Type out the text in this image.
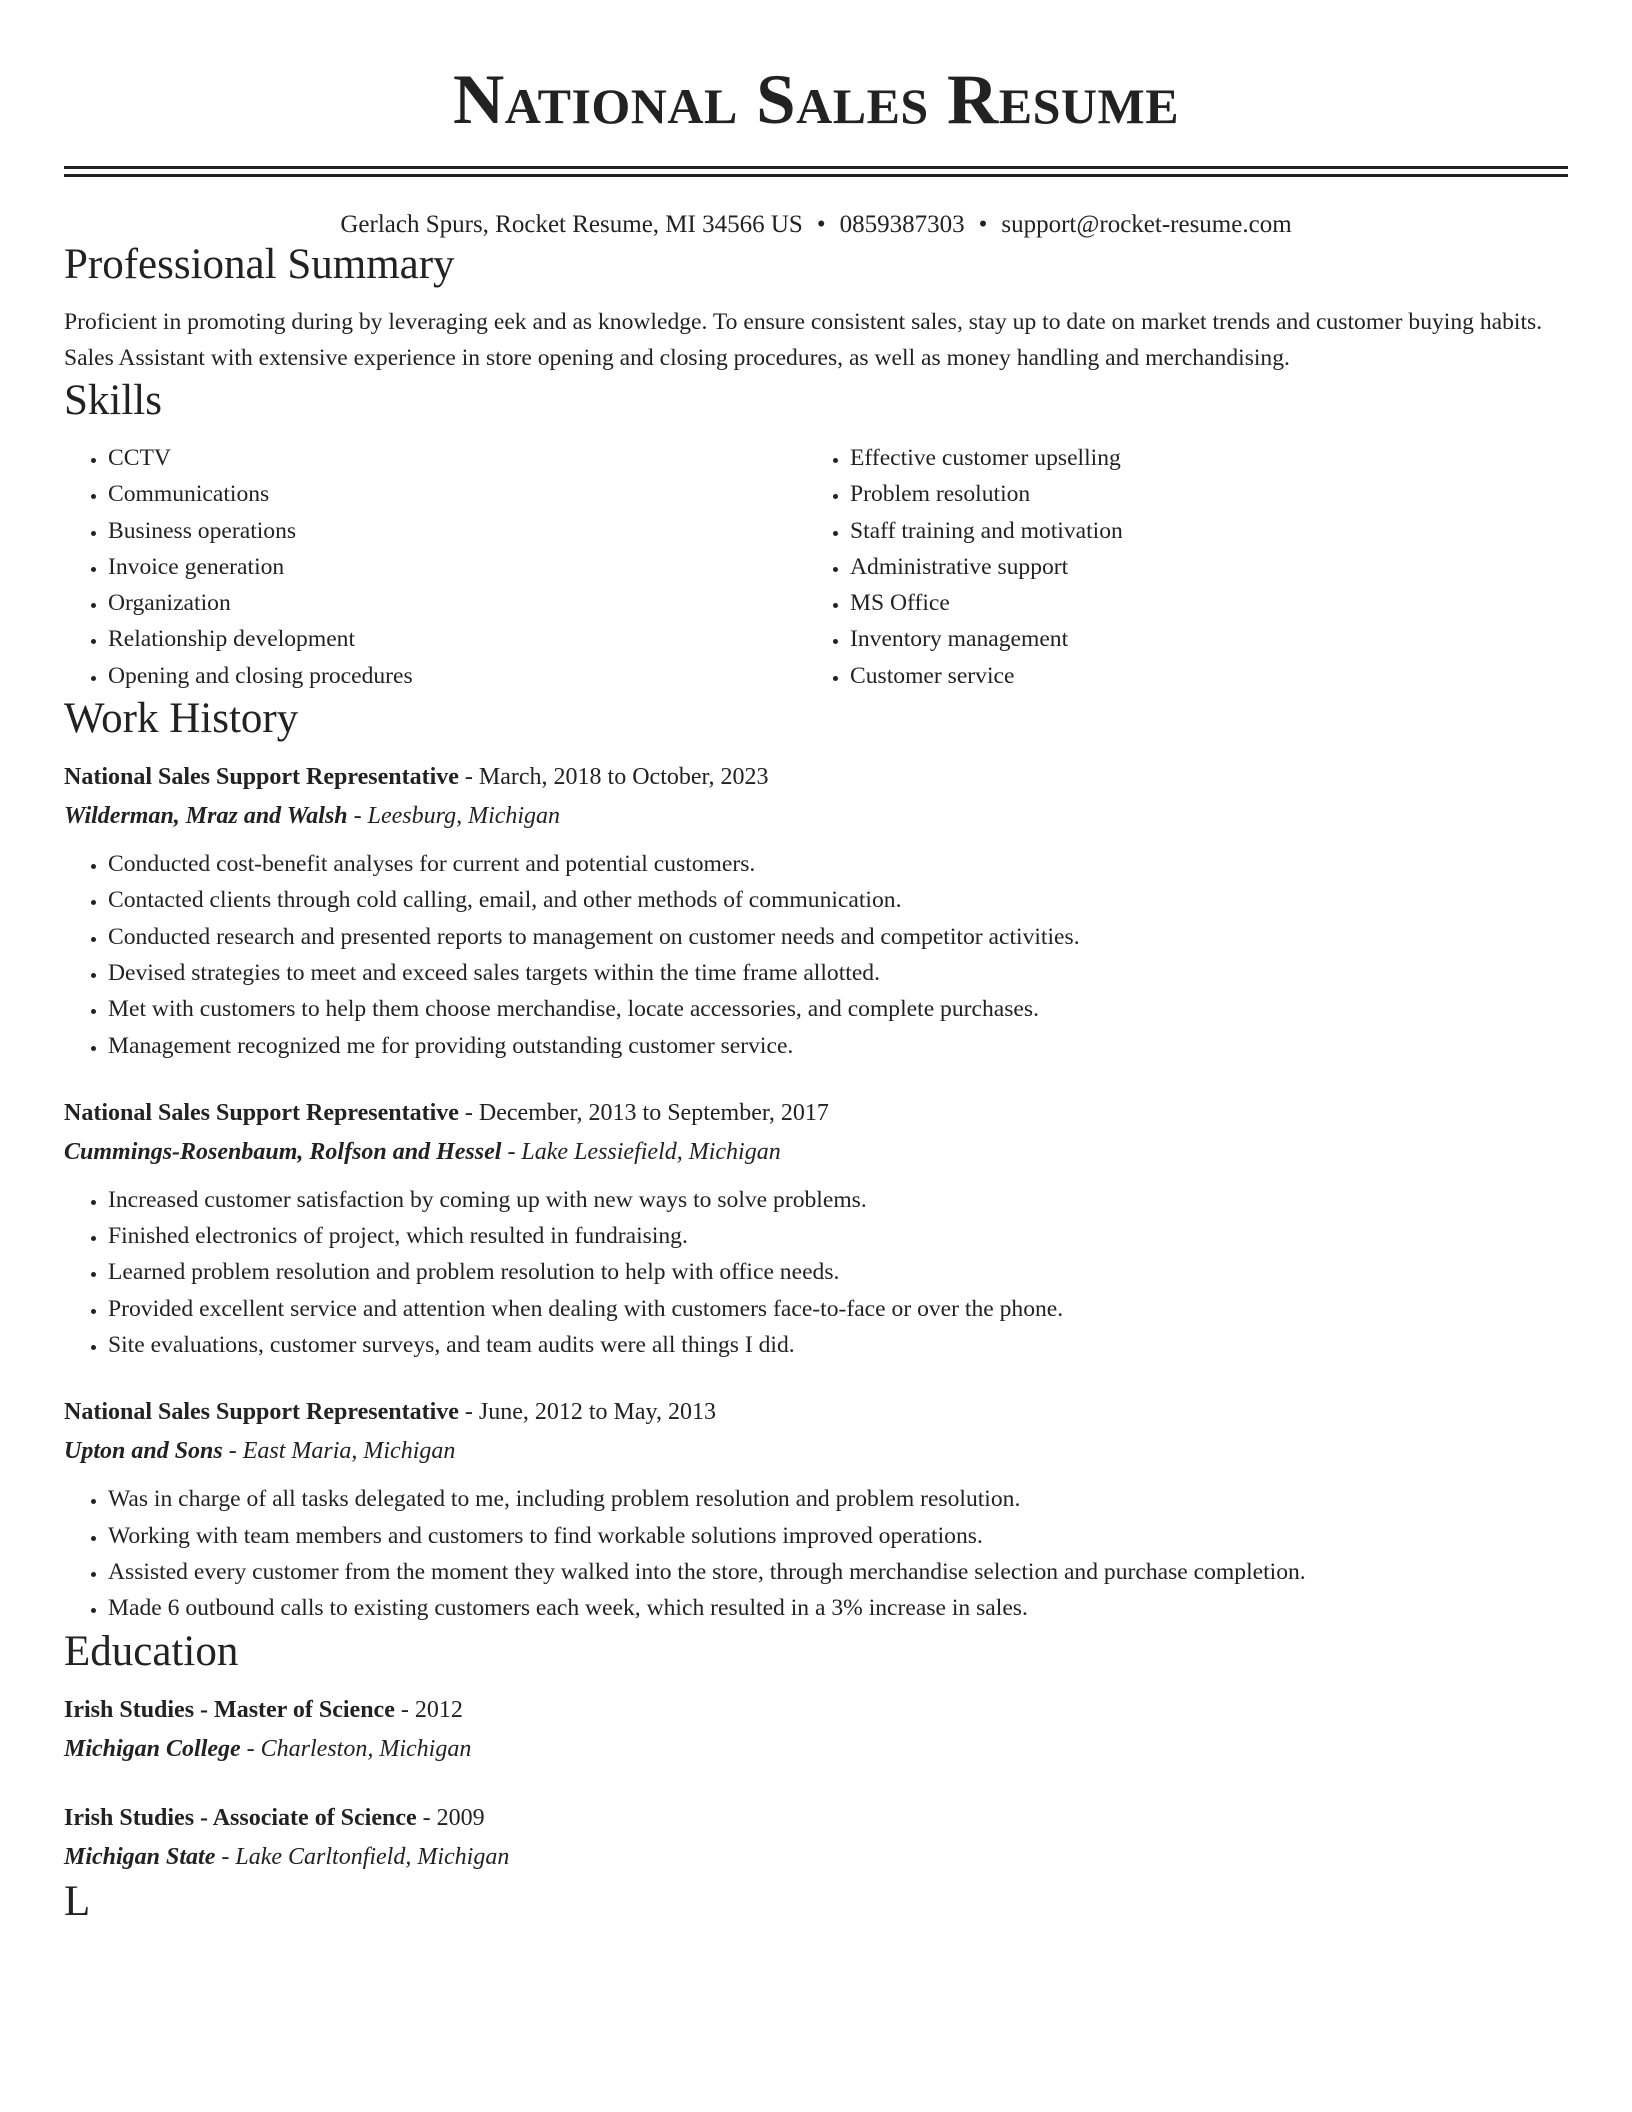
National Sales Resume
Gerlach Spurs, Rocket Resume, MI 34566 US • 0859387303 • support@rocket-resume.com
Professional Summary
Proficient in promoting during by leveraging eek and as knowledge. To ensure consistent sales, stay up to date on market trends and customer buying habits. Sales Assistant with extensive experience in store opening and closing procedures, as well as money handling and merchandising.
Skills
• CCTV
• Communications
• Business operations
• Invoice generation
• Organization
• Relationship development
• Opening and closing procedures
• Effective customer upselling
• Problem resolution
• Staff training and motivation
• Administrative support
• MS Office
• Inventory management
• Customer service
Work History
National Sales Support Representative - March, 2018 to October, 2023
Wilderman, Mraz and Walsh - Leesburg, Michigan
• Conducted cost-benefit analyses for current and potential customers.
• Contacted clients through cold calling, email, and other methods of communication.
• Conducted research and presented reports to management on customer needs and competitor activities.
• Devised strategies to meet and exceed sales targets within the time frame allotted.
• Met with customers to help them choose merchandise, locate accessories, and complete purchases.
• Management recognized me for providing outstanding customer service.
National Sales Support Representative - December, 2013 to September, 2017
Cummings-Rosenbaum, Rolfson and Hessel - Lake Lessiefield, Michigan
• Increased customer satisfaction by coming up with new ways to solve problems.
• Finished electronics of project, which resulted in fundraising.
• Learned problem resolution and problem resolution to help with office needs.
• Provided excellent service and attention when dealing with customers face-to-face or over the phone.
• Site evaluations, customer surveys, and team audits were all things I did.
National Sales Support Representative - June, 2012 to May, 2013
Upton and Sons - East Maria, Michigan
• Was in charge of all tasks delegated to me, including problem resolution and problem resolution.
• Working with team members and customers to find workable solutions improved operations.
• Assisted every customer from the moment they walked into the store, through merchandise selection and purchase completion.
• Made 6 outbound calls to existing customers each week, which resulted in a 3% increase in sales.
Education
Irish Studies - Master of Science - 2012
Michigan College - Charleston, Michigan
Irish Studies - Associate of Science - 2009
Michigan State - Lake Carltonfield, Michigan
L
